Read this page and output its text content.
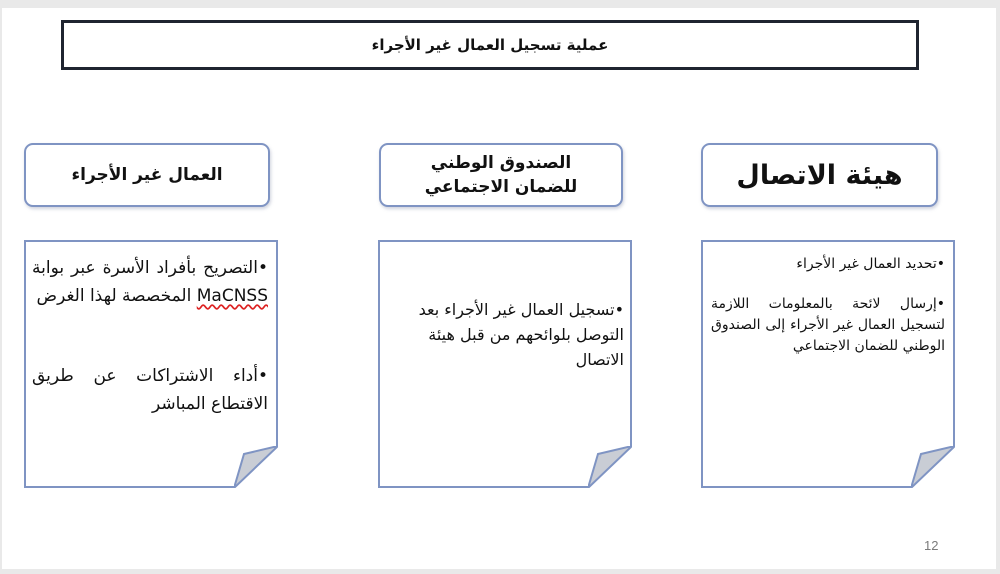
عملية تسجيل العمال غير الأجراء
العمال غير الأجراء
الصندوق الوطني
للضمان الاجتماعي	هيئة الاتصال
• التصريح بأفراد الأسرة عبر بوابة MaCNSS المخصصة لهذا الغرض
• أداء الاشتراكات عن طريق الاقتطاع المباشر
• تسجيل العمال غير الأجراء بعد التوصل بلوائحهم من قبل هيئة الاتصال
• تحديد العمال غير الأجراء
• إرسال لائحة بالمعلومات اللازمة لتسجيل العمال غير الأجراء إلى الصندوق الوطني للضمان الاجتماعي
12
